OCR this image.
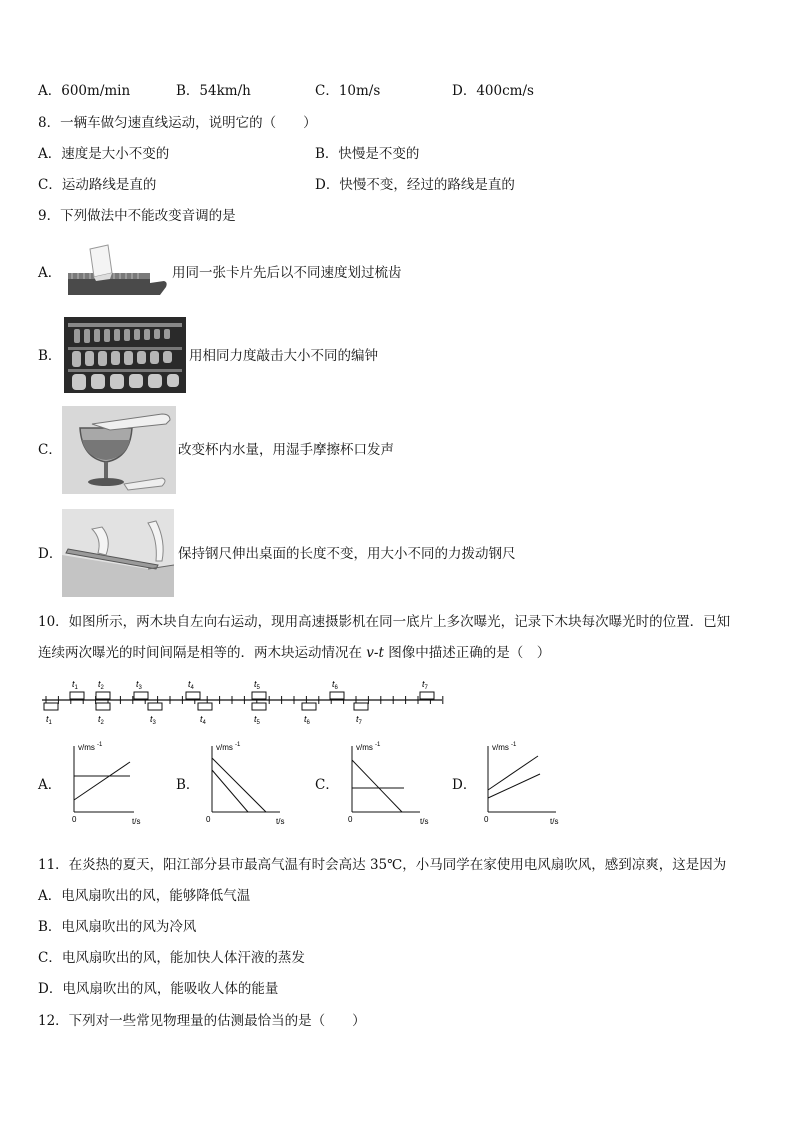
A．600m/min	B．54km/h	C．10m/s	D．400cm/s
8．一辆车做匀速直线运动，说明它的（　　）
A．速度是大小不变的	B．快慢是不变的
C．运动路线是直的	D．快慢不变，经过的路线是直的
9．下列做法中不能改变音调的是
A．	用同一张卡片先后以不同速度划过梳齿
B．	用相同力度敲击大小不同的编钟
C．	改变杯内水量，用湿手摩擦杯口发声
D．	保持钢尺伸出桌面的长度不变，用大小不同的力拨动钢尺
10．如图所示，两木块自左向右运动，现用高速摄影机在同一底片上多次曝光，记录下木块每次曝光时的位置．已知
连续两次曝光的时间间隔是相等的．两木块运动情况在 v-t 图像中描述正确的是（　）
$t_1$ $t_2$	$t_3$	$t_4$	$t_5$	$t_6$	$t_7$
$t_1$	$t_2$	$t_3$	$t_4$	$t_5$	$t_6$	$t_7$
A．	B．	C．	D．
v/ms -1
0	t/s
v/ms -1
0	t/s
v/ms -1
0	t/s
v/ms -1
0	t/s
11．在炎热的夏天，阳江部分县市最高气温有时会高达 35℃，小马同学在家使用电风扇吹风，感到凉爽，这是因为
A．电风扇吹出的风，能够降低气温
B．电风扇吹出的风为冷风
C．电风扇吹出的风，能加快人体汗液的蒸发
D．电风扇吹出的风，能吸收人体的能量
12．下列对一些常见物理量的估测最恰当的是（　　）
